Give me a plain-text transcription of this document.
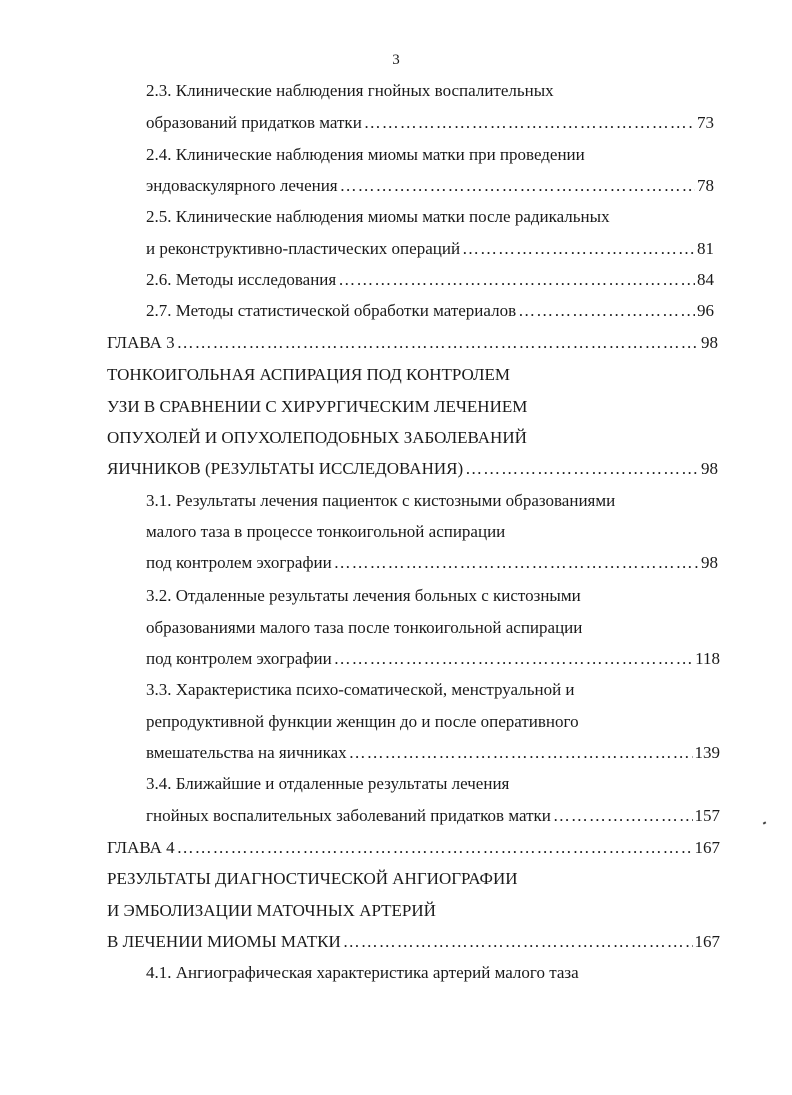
3
2.3. Клинические наблюдения гнойных воспалительных
образований придатков матки ……………………………………………………………………………………………………………………………………………………………………………………	73
2.4. Клинические наблюдения миомы матки при проведении
эндоваскулярного лечения ……………………………………………………………………………………………………………………………………………………………………………………	78
2.5. Клинические наблюдения миомы матки после радикальных
и реконструктивно-пластических операций ……………………………………………………………………………………………………………………………………………………………………………………	81
2.6. Методы исследования ……………………………………………………………………………………………………………………………………………………………………………………	84
2.7. Методы статистической обработки материалов ……………………………………………………………………………………………………………………………………………………………………………………	96
ГЛАВА 3 ……………………………………………………………………………………………………………………………………………………………………………………	98
ТОНКОИГОЛЬНАЯ АСПИРАЦИЯ ПОД КОНТРОЛЕМ
УЗИ В СРАВНЕНИИ С ХИРУРГИЧЕСКИМ ЛЕЧЕНИЕМ
ОПУХОЛЕЙ И ОПУХОЛЕПОДОБНЫХ ЗАБОЛЕВАНИЙ
ЯИЧНИКОВ (РЕЗУЛЬТАТЫ ИССЛЕДОВАНИЯ) ……………………………………………………………………………………………………………………………………………………………………………………	98
3.1. Результаты лечения пациенток с кистозными образованиями
малого таза в процессе тонкоигольной аспирации
под контролем эхографии ……………………………………………………………………………………………………………………………………………………………………………………	98
3.2. Отдаленные результаты лечения больных с кистозными
образованиями малого таза после тонкоигольной аспирации
под контролем эхографии ……………………………………………………………………………………………………………………………………………………………………………………	118
3.3. Характеристика психо-соматической, менструальной и
репродуктивной функции женщин до и после оперативного
вмешательства на яичниках ……………………………………………………………………………………………………………………………………………………………………………………	139
3.4. Ближайшие и отдаленные результаты лечения
гнойных воспалительных заболеваний придатков матки ……………………………………………………………………………………………………………………………………………………………………………………	157
ГЛАВА 4 ……………………………………………………………………………………………………………………………………………………………………………………	167
РЕЗУЛЬТАТЫ ДИАГНОСТИЧЕСКОЙ АНГИОГРАФИИ
И ЭМБОЛИЗАЦИИ МАТОЧНЫХ АРТЕРИЙ
В ЛЕЧЕНИИ МИОМЫ МАТКИ ……………………………………………………………………………………………………………………………………………………………………………………	167
4.1. Ангиографическая характеристика артерий малого таза
